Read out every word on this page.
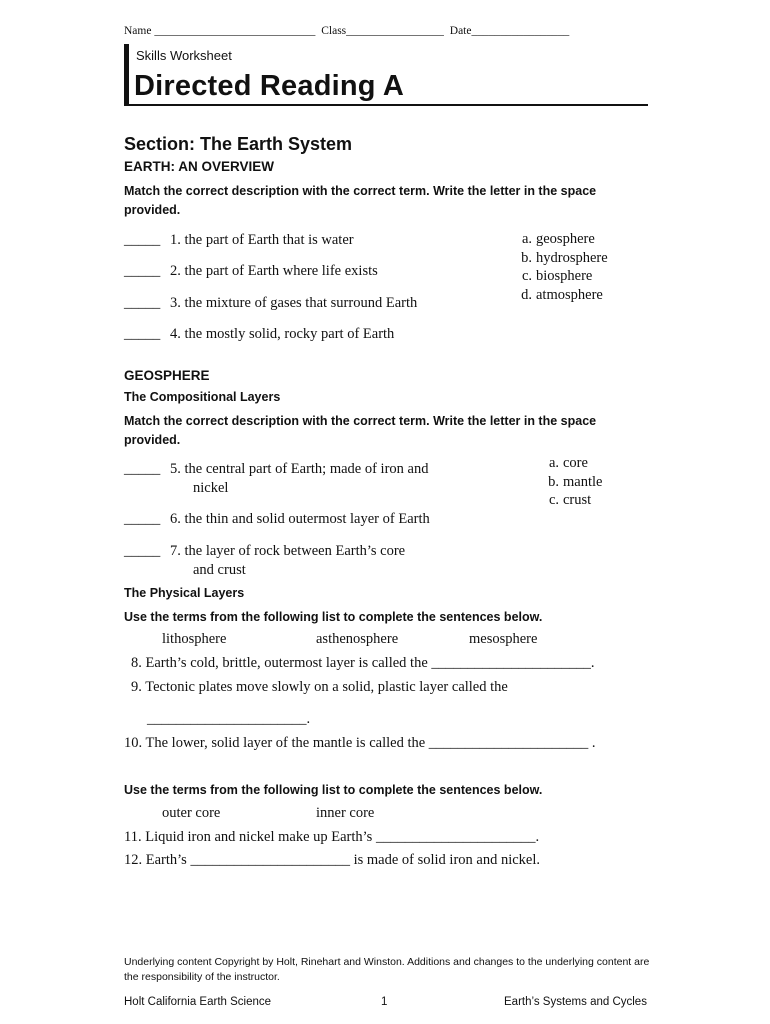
Name ____________________________ Class_________________ Date_________________
Skills Worksheet
Directed Reading A
Section: The Earth System
EARTH: AN OVERVIEW
Match the correct description with the correct term. Write the letter in the space provided.
_____ 1. the part of Earth that is water
_____ 2. the part of Earth where life exists
_____ 3. the mixture of gases that surround Earth
_____ 4. the mostly solid, rocky part of Earth
a. geosphere
b. hydrosphere
c. biosphere
d. atmosphere
GEOSPHERE
The Compositional Layers
Match the correct description with the correct term. Write the letter in the space provided.
_____ 5. the central part of Earth; made of iron and
nickel
_____ 6. the thin and solid outermost layer of Earth
_____ 7. the layer of rock between Earth’s core
and crust
a. core
b. mantle
c. crust
The Physical Layers
Use the terms from the following list to complete the sentences below.
lithosphere	asthenosphere	mesosphere
8. Earth’s cold, brittle, outermost layer is called the ______________________.
9. Tectonic plates move slowly on a solid, plastic layer called the
______________________.
10. The lower, solid layer of the mantle is called the ______________________ .
Use the terms from the following list to complete the sentences below.
outer core	inner core
11. Liquid iron and nickel make up Earth’s ______________________.
12. Earth’s ______________________ is made of solid iron and nickel.
Underlying content Copyright by Holt, Rinehart and Winston. Additions and changes to the underlying content are the responsibility of the instructor.
Holt California Earth Science	1	Earth’s Systems and Cycles
